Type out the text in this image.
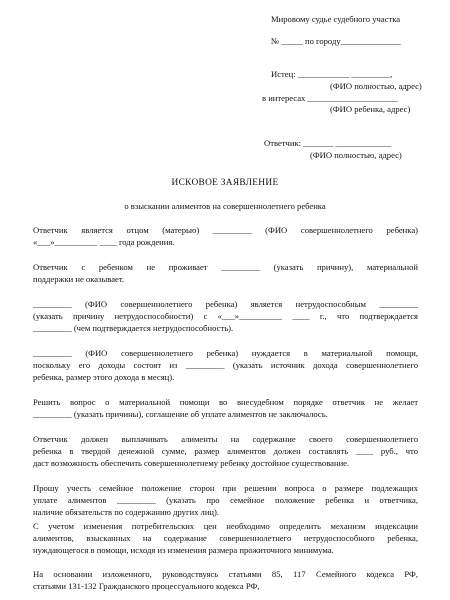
Мировому судье судебного участка
№ _____ по городу______________
Истец: ____________ _________,
(ФИО полностью, адрес)
в интересах _____________________
(ФИО ребенка, адрес)
Ответчик: _______ _____________
(ФИО полностью, адрес)
ИСКОВОЕ ЗАЯВЛЕНИЕ
о взыскании алиментов на совершеннолетнего ребенка
Ответчик является отцом (матерью) _________ (ФИО совершеннолетнего ребенка)
«___»__________ ____ года рождения.
Ответчик с ребенком не проживает _________ (указать причину), материальной
поддержки не оказывает.
_________ (ФИО совершеннолетнего ребенка) является нетрудоспособным _________
(указать причину нетрудоспособности) с «___»__________ ____ г., что подтверждается
_________ (чем подтверждается нетрудоспособность).
_________ (ФИО совершеннолетнего ребенка) нуждается в материальной помощи,
поскольку его доходы состоят из _________ (указать источник дохода совершеннолетнего
ребенка, размер этого дохода в месяц).
Решить вопрос о материальной помощи во внесудебном порядке ответчик не желает
_________ (указать причины), соглашение об уплате алиментов не заключалось.
Ответчик должен выплачивать алименты на содержание своего совершеннолетнего
ребенка в твердой денежной сумме, размер алиментов должен составлять ____ руб., что
даст возможность обеспечить совершеннолетнему ребенку достойное существование.
Прошу учесть семейное положение сторон при решении вопроса о размере подлежащих
уплате алиментов _________ (указать про семейное положение ребенка и ответчика,
наличие обязательств по содержанию других лиц).
С учетом изменения потребительских цен необходимо определить механизм индексации
алиментов, взысканных на содержание совершеннолетнего нетрудоспособного ребенка,
нуждающегося в помощи, исходя из изменения размера прожиточного минимума.
На основании изложенного, руководствуясь статьями 85, 117 Семейного кодекса РФ,
статьями 131-132 Гражданского процессуального кодекса РФ,
